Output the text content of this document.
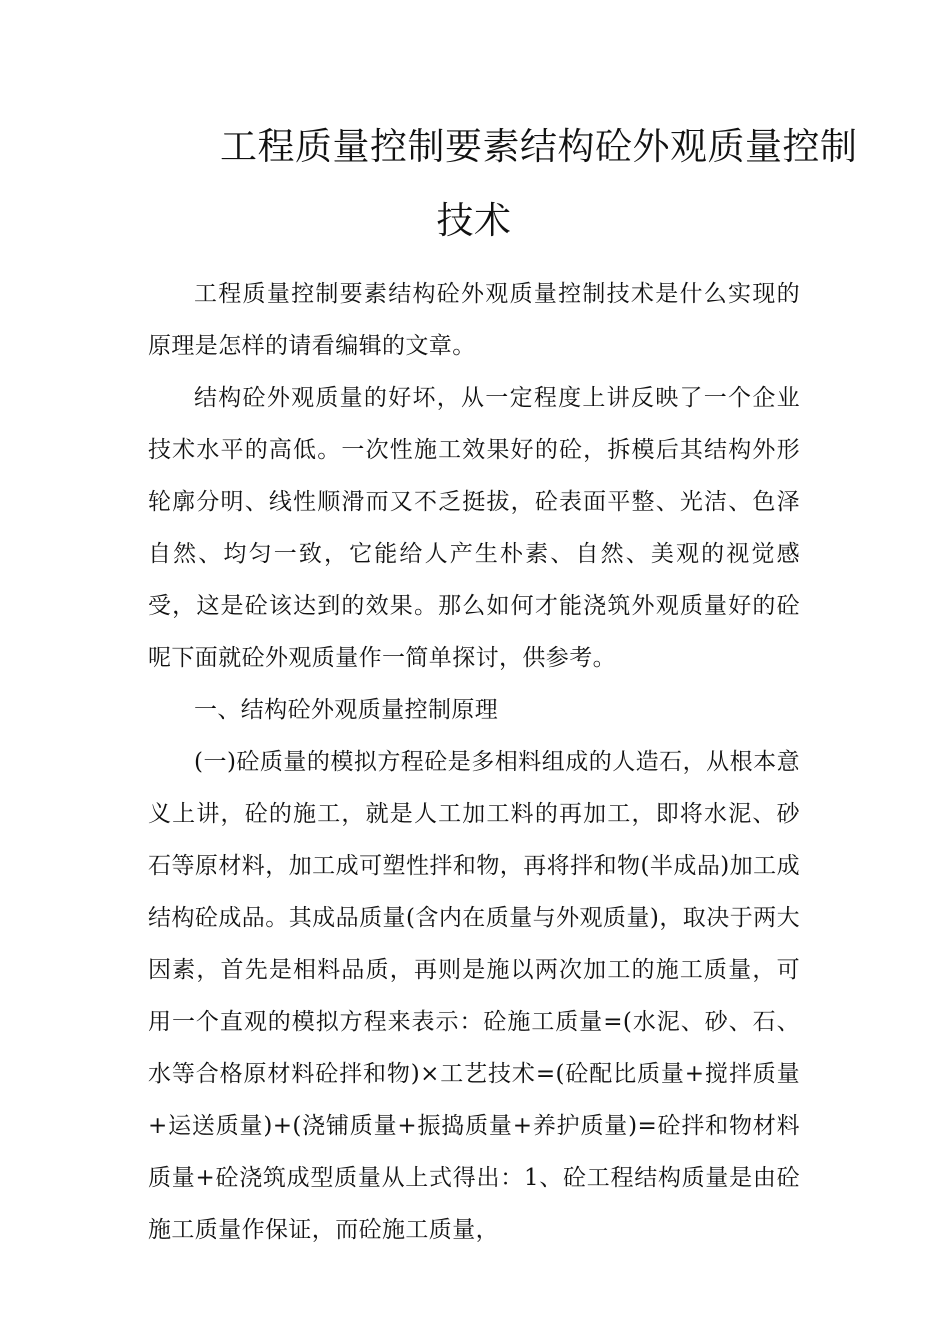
工程质量控制要素结构砼外观质量控制
技术

工程质量控制要素结构砼外观质量控制技术是什么实现的原理是怎样的请看编辑的文章。

结构砼外观质量的好坏，从一定程度上讲反映了一个企业技术水平的高低。一次性施工效果好的砼，拆模后其结构外形轮廓分明、线性顺滑而又不乏挺拔，砼表面平整、光洁、色泽自然、均匀一致，它能给人产生朴素、自然、美观的视觉感受，这是砼该达到的效果。那么如何才能浇筑外观质量好的砼呢下面就砼外观质量作一简单探讨，供参考。

一、结构砼外观质量控制原理

(一)砼质量的模拟方程砼是多相料组成的人造石，从根本意义上讲，砼的施工，就是人工加工料的再加工，即将水泥、砂石等原材料，加工成可塑性拌和物，再将拌和物(半成品)加工成结构砼成品。其成品质量(含内在质量与外观质量)，取决于两大因素，首先是相料品质，再则是施以两次加工的施工质量，可用一个直观的模拟方程来表示：砼施工质量=(水泥、砂、石、水等合格原材料砼拌和物)×工艺技术=(砼配比质量+搅拌质量+运送质量)+(浇铺质量+振捣质量+养护质量)=砼拌和物材料质量+砼浇筑成型质量从上式得出：1、砼工程结构质量是由砼施工质量作保证，而砼施工质量，
